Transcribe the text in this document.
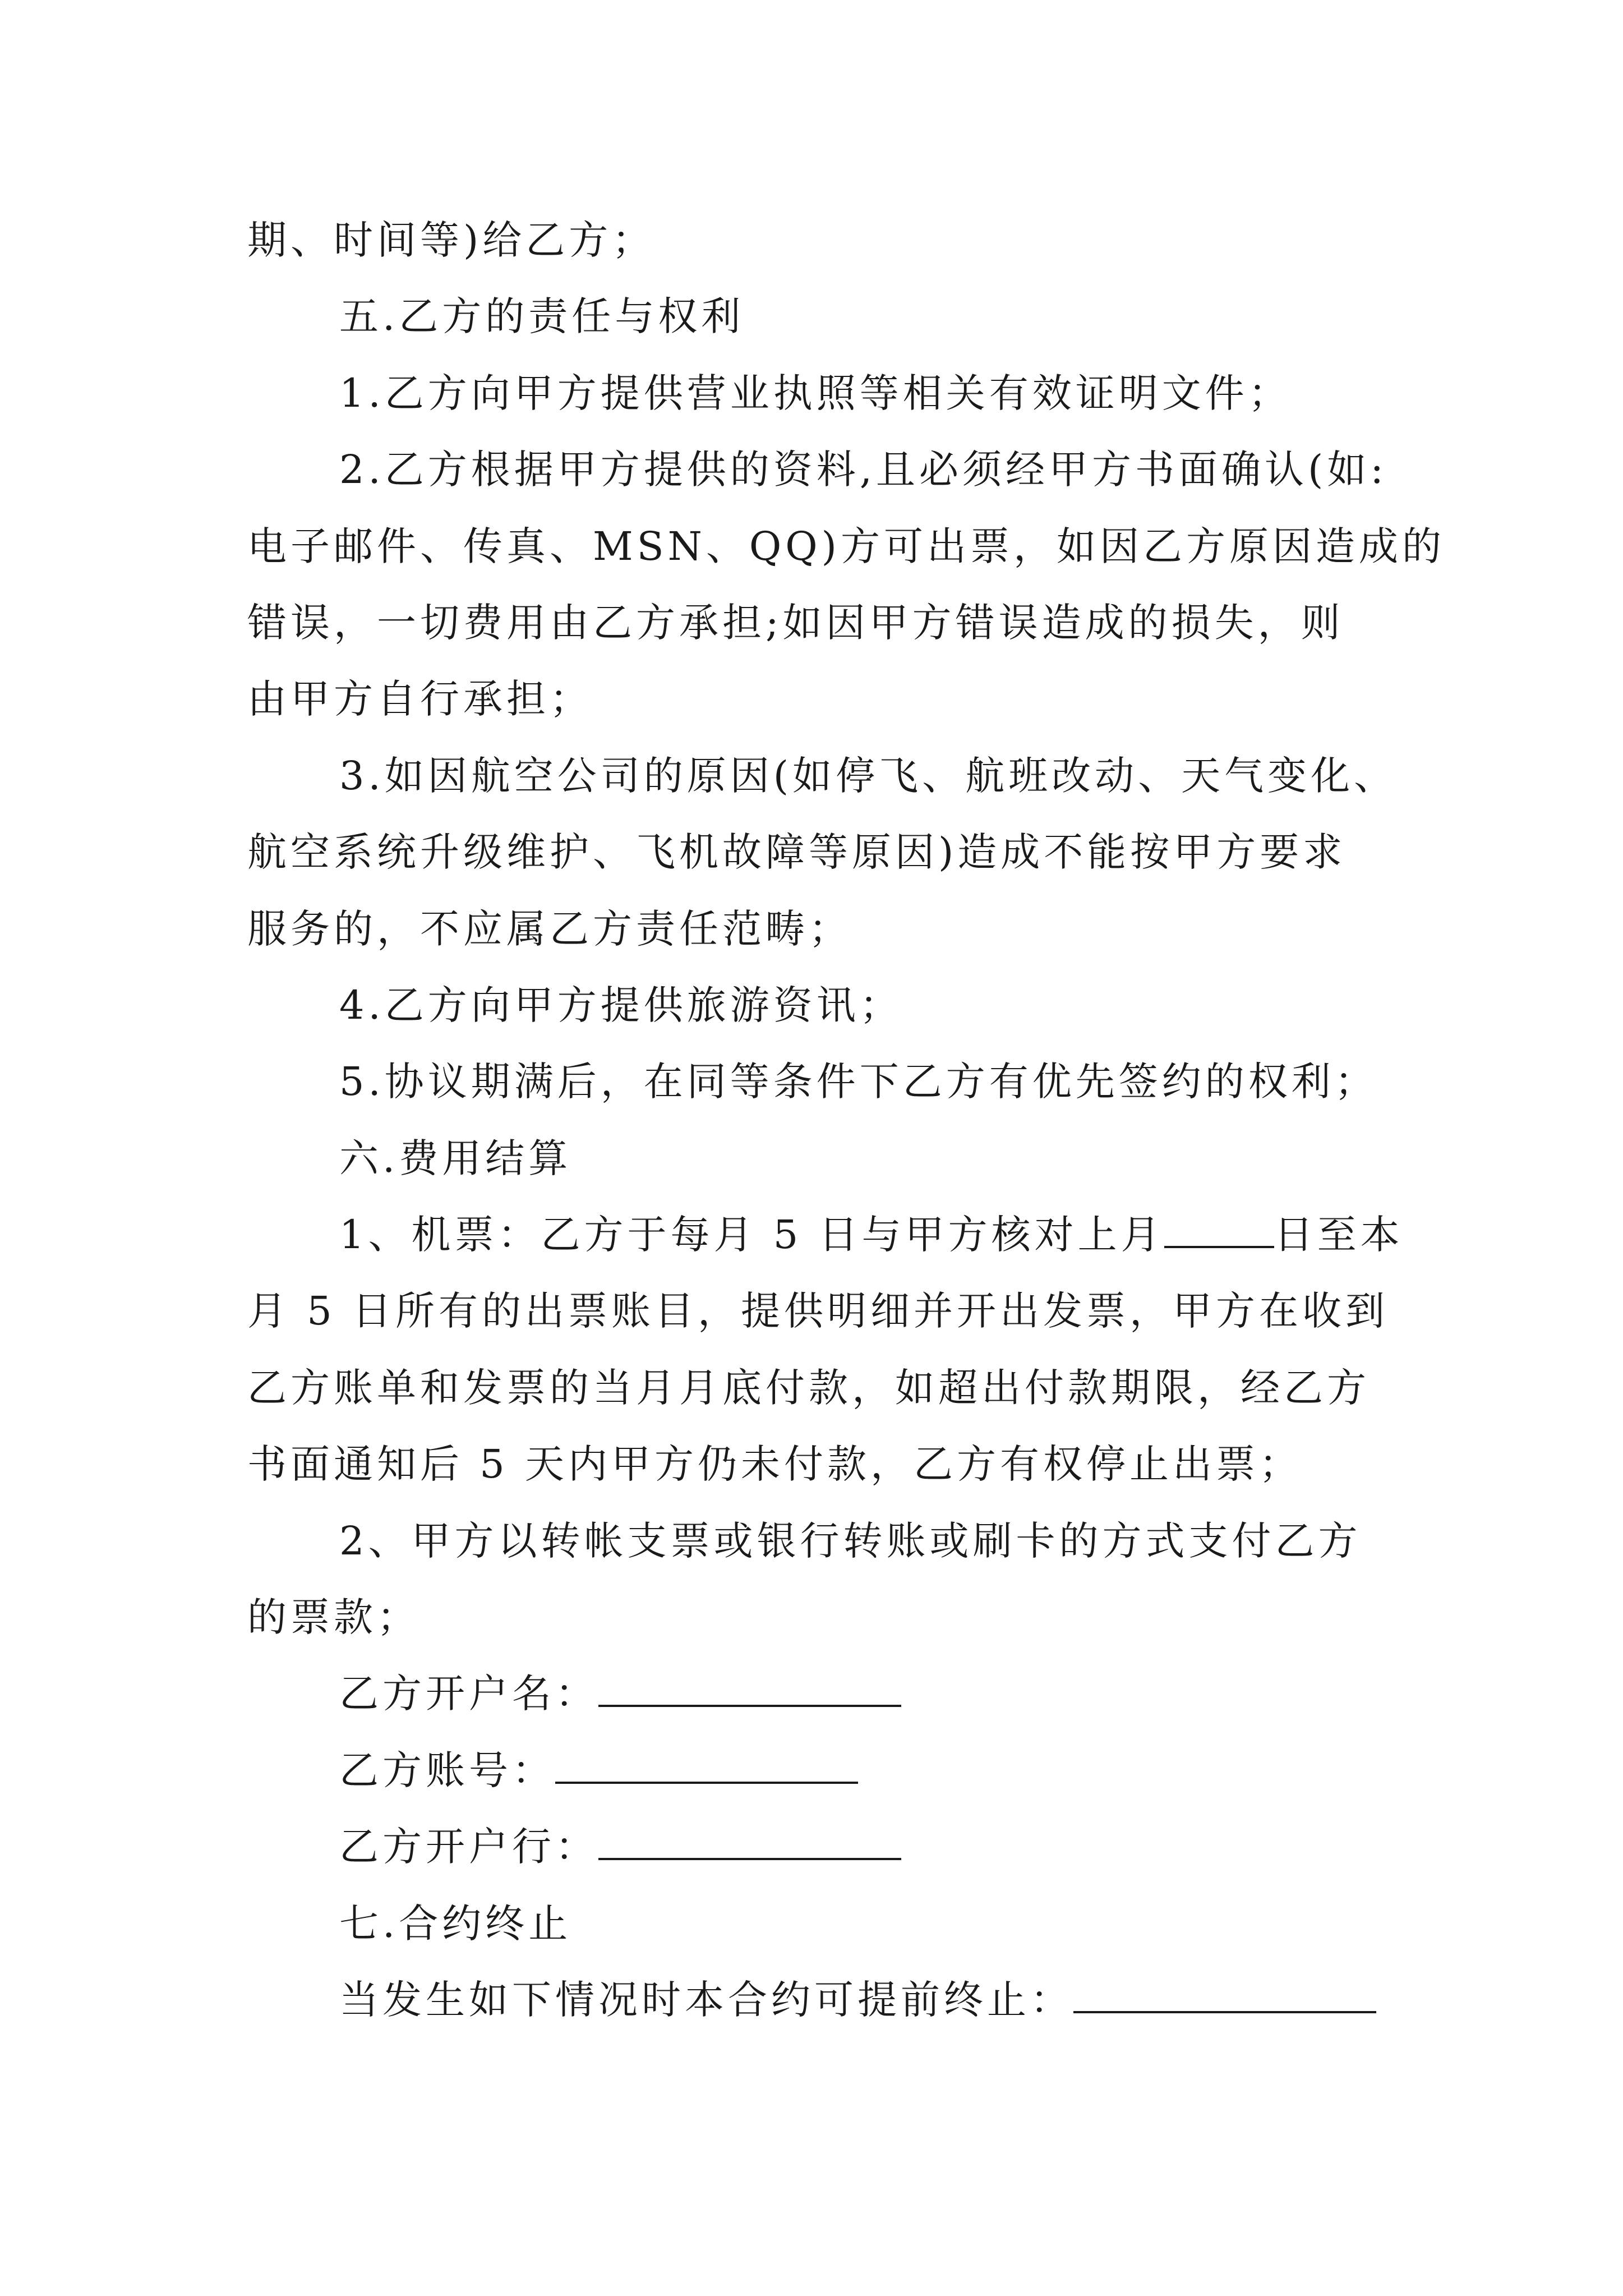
期、时间等)给乙方；
五.乙方的责任与权利
1.乙方向甲方提供营业执照等相关有效证明文件；
2.乙方根据甲方提供的资料,且必须经甲方书面确认(如:
电子邮件、传真、MSN、QQ)方可出票，如因乙方原因造成的
错误，一切费用由乙方承担;如因甲方错误造成的损失，则
由甲方自行承担；
3.如因航空公司的原因(如停飞、航班改动、天气变化、
航空系统升级维护、飞机故障等原因)造成不能按甲方要求
服务的，不应属乙方责任范畴；
4.乙方向甲方提供旅游资讯；
5.协议期满后，在同等条件下乙方有优先签约的权利；
六.费用结算
1、机票：乙方于每月 5 日与甲方核对上月	日至本
月 5 日所有的出票账目，提供明细并开出发票，甲方在收到
乙方账单和发票的当月月底付款，如超出付款期限，经乙方
书面通知后 5 天内甲方仍未付款，乙方有权停止出票；
2、甲方以转帐支票或银行转账或刷卡的方式支付乙方
的票款；
乙方开户名：
乙方账号：
乙方开户行：
七.合约终止
当发生如下情况时本合约可提前终止：
